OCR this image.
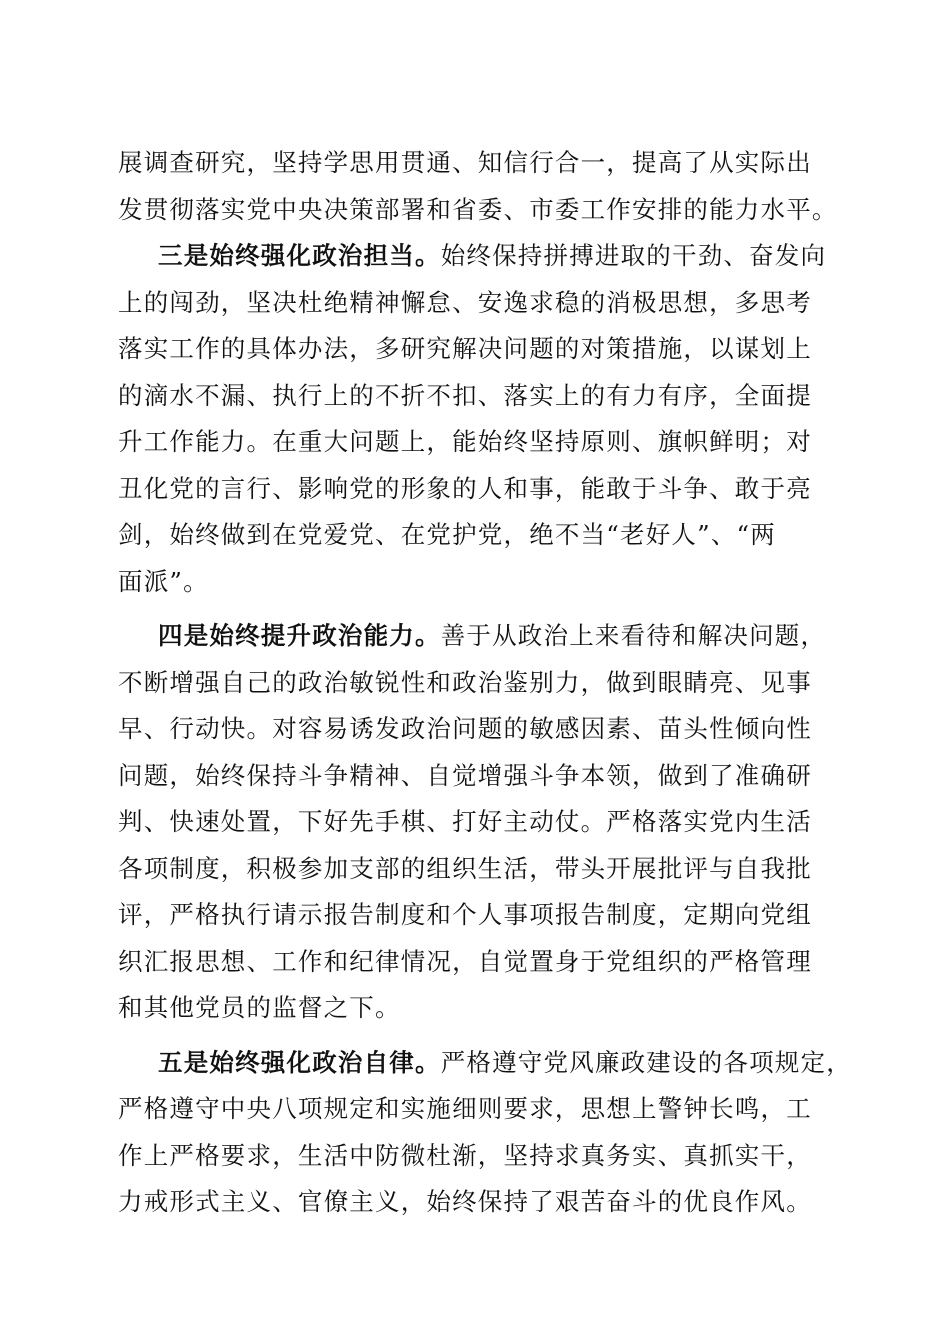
展调查研究，坚持学思用贯通、知信行合一，提高了从实际出
发贯彻落实党中央决策部署和省委、市委工作安排的能力水平。
三是始终强化政治担当。始终保持拼搏进取的干劲、奋发向
上的闯劲，坚决杜绝精神懈怠、安逸求稳的消极思想，多思考
落实工作的具体办法，多研究解决问题的对策措施，以谋划上
的滴水不漏、执行上的不折不扣、落实上的有力有序，全面提
升工作能力。在重大问题上，能始终坚持原则、旗帜鲜明；对
丑化党的言行、影响党的形象的人和事，能敢于斗争、敢于亮
剑，始终做到在党爱党、在党护党，绝不当“老好人”、“两
面派”。
四是始终提升政治能力。善于从政治上来看待和解决问题，
不断增强自己的政治敏锐性和政治鉴别力，做到眼睛亮、见事
早、行动快。对容易诱发政治问题的敏感因素、苗头性倾向性
问题，始终保持斗争精神、自觉增强斗争本领，做到了准确研
判、快速处置，下好先手棋、打好主动仗。严格落实党内生活
各项制度，积极参加支部的组织生活，带头开展批评与自我批
评，严格执行请示报告制度和个人事项报告制度，定期向党组
织汇报思想、工作和纪律情况，自觉置身于党组织的严格管理
和其他党员的监督之下。
五是始终强化政治自律。严格遵守党风廉政建设的各项规定，
严格遵守中央八项规定和实施细则要求，思想上警钟长鸣，工
作上严格要求，生活中防微杜渐，坚持求真务实、真抓实干，
力戒形式主义、官僚主义，始终保持了艰苦奋斗的优良作风。
